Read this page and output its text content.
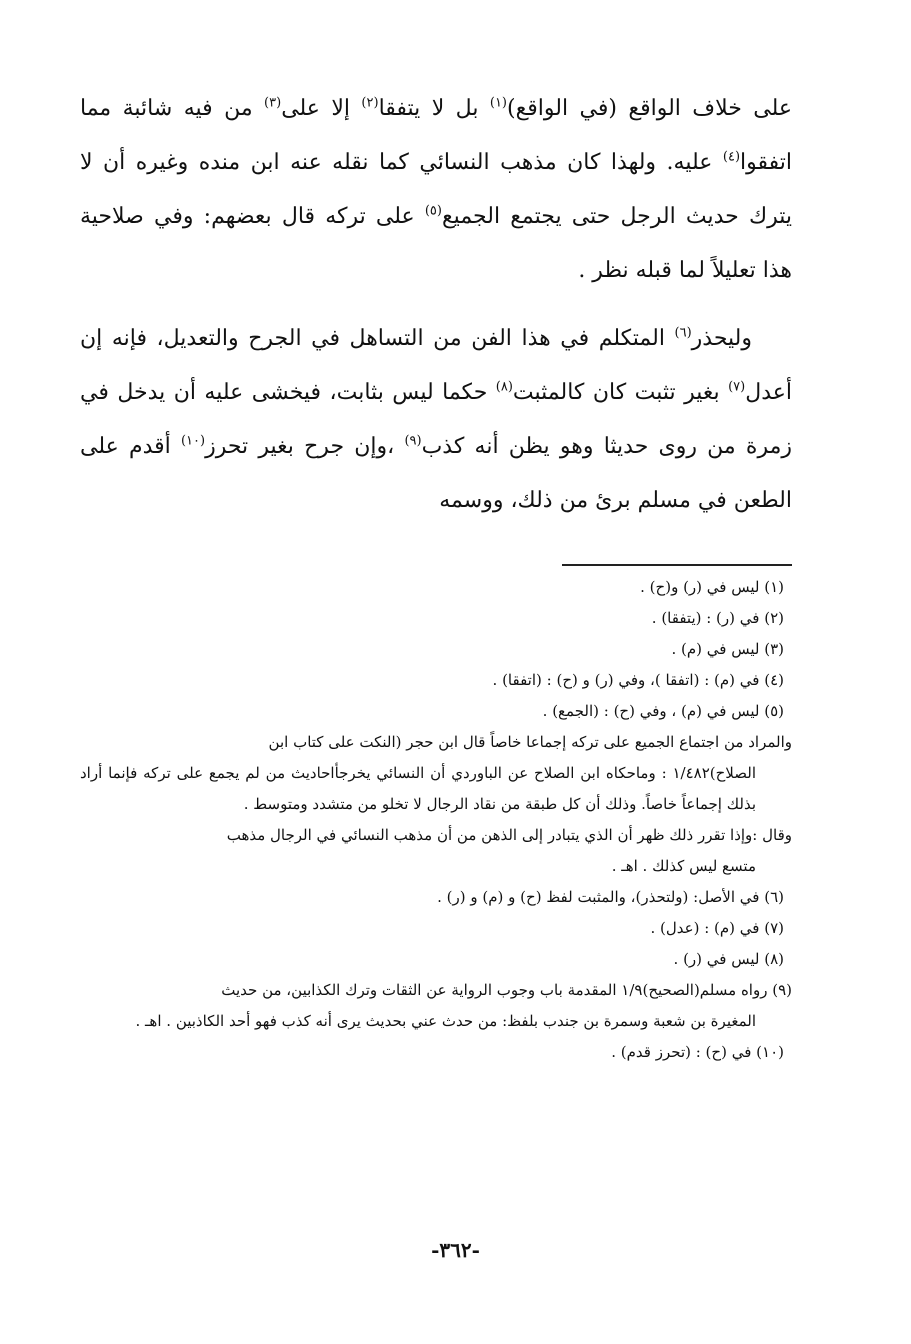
على خلاف الواقع (في الواقع)$^{(١)}$ بل لا يتفقا$^{(٢)}$ إلا على$^{(٣)}$ من فيه شائبة مما اتفقوا$^{(٤)}$ عليه. ولهذا كان مذهب النسائي كما نقله عنه ابن منده وغيره أن لا يترك حديث الرجل حتى يجتمع الجميع$^{(٥)}$ على تركه قال بعضهم: وفي صلاحية هذا تعليلاً لما قبله نظر .

وليحذر$^{(٦)}$ المتكلم في هذا الفن من التساهل في الجرح والتعديل، فإنه إن أعدل$^{(٧)}$ بغير تثبت كان كالمثبت$^{(٨)}$ حكما ليس بثابت، فيخشى عليه أن يدخل في زمرة من روى حديثا وهو يظن أنه كذب$^{(٩)}$ ،وإن جرح بغير تحرز$^{(١٠)}$ أقدم على الطعن في مسلم برئ من ذلك، ووسمه

(١) ليس في (ر) و(ح) .

(٢) في (ر) : (يتفقا) .

(٣) ليس في (م) .

(٤) في (م) : (اتفقا )، وفي (ر) و (ح) : (اتفقا) .

(٥) ليس في (م) ، وفي (ح) : (الجمع) .

والمراد من اجتماع الجميع على تركه إجماعا خاصاً قال ابن حجر (النكت على كتاب ابن
الصلاح)١/٤٨٢ : وماحكاه ابن الصلاح عن الباوردي أن النسائي يخرجأاحاديث من لم يجمع على تركه فإنما أراد بذلك إجماعاً خاصاً. وذلك أن كل طبقة من نقاد الرجال لا تخلو من متشدد ومتوسط .
وقال :وإذا تقرر ذلك ظهر أن الذي يتبادر إلى الذهن من أن مذهب النسائي في الرجال مذهب
متسع ليس كذلك . اهـ .

(٦) في الأصل: (ولتحذر)، والمثبت لفظ (ح) و (م) و (ر) .

(٧) في (م) : (عدل) .

(٨) ليس في (ر) .

(٩) رواه مسلم(الصحيح)١/٩ المقدمة باب وجوب الرواية عن الثقات وترك الكذابين، من حديث
المغيرة بن شعبة وسمرة بن جندب بلفظ: من حدث عني بحديث يرى أنه كذب فهو أحد الكاذبين . اهـ .

(١٠) في (ح) : (تحرز قدم) .

-٣٦٢-
